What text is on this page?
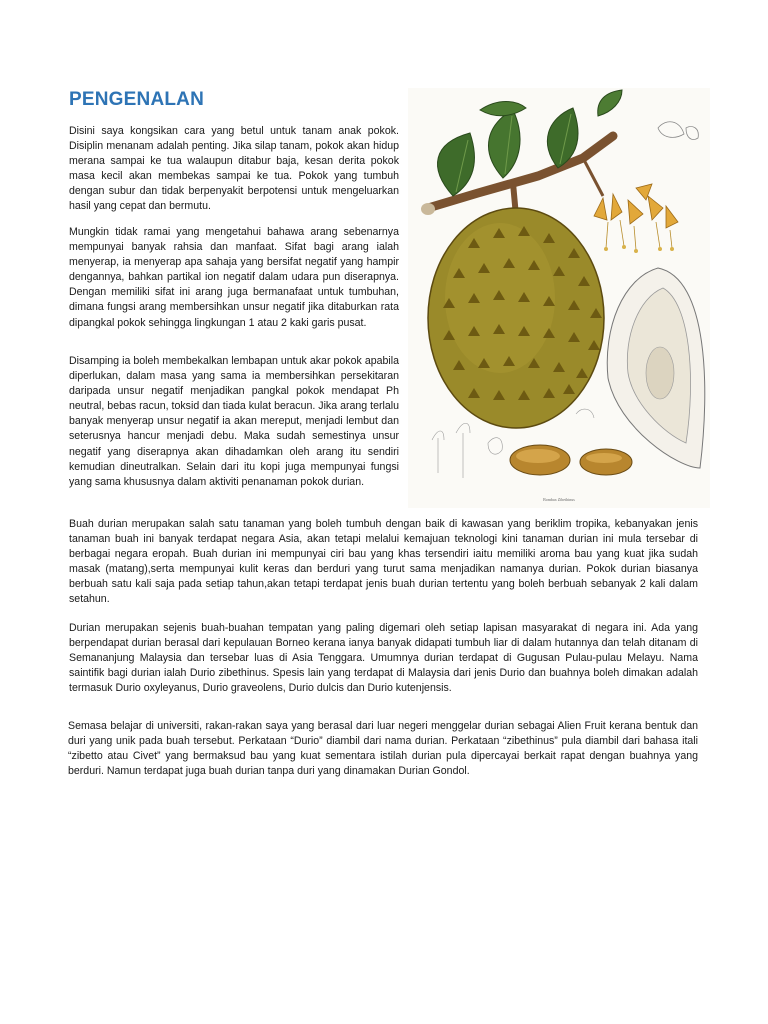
PENGENALAN

Disini saya kongsikan cara yang betul untuk tanam anak pokok. Disiplin menanam adalah penting. Jika silap tanam, pokok akan hidup merana sampai ke tua walaupun ditabur baja, kesan derita pokok masa kecil akan membekas sampai ke tua. Pokok yang tumbuh dengan subur dan tidak berpenyakit berpotensi untuk mengeluarkan hasil yang cepat dan bermutu.

Mungkin tidak ramai yang mengetahui bahawa arang sebenarnya mempunyai banyak rahsia dan manfaat. Sifat bagi arang ialah menyerap, ia menyerap apa sahaja yang bersifat negatif yang hampir dengannya, bahkan partikal ion negatif dalam udara pun diserapnya. Dengan memiliki sifat ini arang juga bermanafaat untuk tumbuhan, dimana fungsi arang membersihkan unsur negatif jika ditaburkan rata dipangkal pokok sehingga lingkungan 1 atau 2 kaki garis pusat.

Disamping ia boleh membekalkan lembapan untuk akar pokok apabila diperlukan, dalam masa yang sama ia membersihkan persekitaran daripada unsur negatif menjadikan pangkal pokok mendapat Ph neutral, bebas racun, toksid dan tiada kulat beracun. Jika arang terlalu banyak menyerap unsur negatif ia akan mereput, menjadi lembut dan seterusnya hancur menjadi debu. Maka sudah semestinya unsur negatif yang diserapnya akan dihadamkan oleh arang itu sendiri kemudian dineutralkan. Selain dari itu kopi juga mempunyai fungsi yang sama khususnya dalam aktiviti penanaman pokok durian.

Bombax Zibethinus

Buah durian merupakan salah satu tanaman yang boleh tumbuh dengan baik di kawasan yang beriklim tropika, kebanyakan jenis tanaman buah ini banyak terdapat negara Asia, akan tetapi melalui kemajuan teknologi kini tanaman durian ini mula tersebar di berbagai negara eropah. Buah durian ini mempunyai ciri bau yang khas tersendiri iaitu memiliki aroma bau yang kuat jika sudah masak (matang),serta mempunyai kulit keras dan berduri yang turut sama menjadikan namanya durian. Pokok durian biasanya berbuah satu kali saja pada setiap tahun,akan tetapi terdapat jenis buah durian tertentu yang boleh berbuah sebanyak 2 kali dalam setahun.

Durian merupakan sejenis buah-buahan tempatan yang paling digemari oleh setiap lapisan masyarakat di negara ini. Ada yang berpendapat durian berasal dari kepulauan Borneo kerana ianya banyak didapati tumbuh liar di dalam hutannya dan telah ditanam di Semananjung Malaysia dan tersebar luas di Asia Tenggara. Umumnya durian terdapat di Gugusan Pulau-pulau Melayu. Nama saintifik bagi durian ialah Durio zibethinus. Spesis lain yang terdapat di Malaysia dari jenis Durio dan buahnya boleh dimakan adalah termasuk Durio oxyleyanus, Durio graveolens, Durio dulcis dan Durio kutenjensis.

Semasa belajar di universiti, rakan-rakan saya yang berasal dari luar negeri menggelar durian sebagai Alien Fruit kerana bentuk dan duri yang unik pada buah tersebut. Perkataan “Durio” diambil dari nama durian. Perkataan “zibethinus” pula diambil dari bahasa itali “zibetto atau Civet” yang bermaksud bau yang kuat sementara istilah durian pula dipercayai berkait rapat dengan buahnya yang berduri. Namun terdapat juga buah durian tanpa duri yang dinamakan Durian Gondol.
